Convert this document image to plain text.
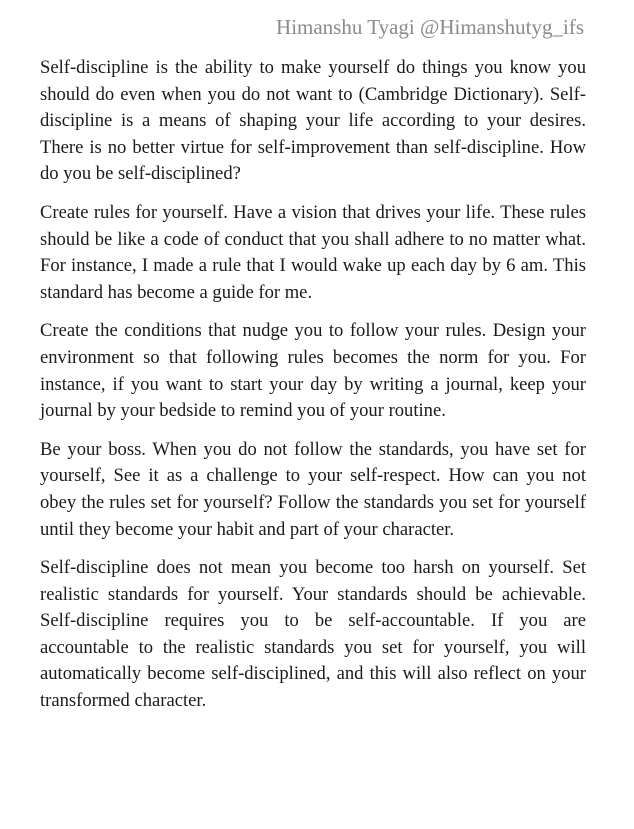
Himanshu Tyagi @Himanshutyg_ifs

Self-discipline is the ability to make yourself do things you know you should do even when you do not want to (Cambridge Dictionary). Self-discipline is a means of shaping your life according to your desires. There is no better virtue for self-improvement than self-discipline. How do you be self-disciplined?

Create rules for yourself. Have a vision that drives your life. These rules should be like a code of conduct that you shall adhere to no matter what. For instance, I made a rule that I would wake up each day by 6 am. This standard has become a guide for me.

Create the conditions that nudge you to follow your rules. Design your environment so that following rules becomes the norm for you. For instance, if you want to start your day by writing a journal, keep your journal by your bedside to remind you of your routine.

Be your boss. When you do not follow the standards, you have set for yourself, See it as a challenge to your self-respect. How can you not obey the rules set for yourself? Follow the standards you set for yourself until they become your habit and part of your character.

Self-discipline does not mean you become too harsh on yourself. Set realistic standards for yourself. Your standards should be achievable. Self-discipline requires you to be self-accountable. If you are accountable to the realistic standards you set for yourself, you will automatically become self-disciplined, and this will also reflect on your transformed character.
